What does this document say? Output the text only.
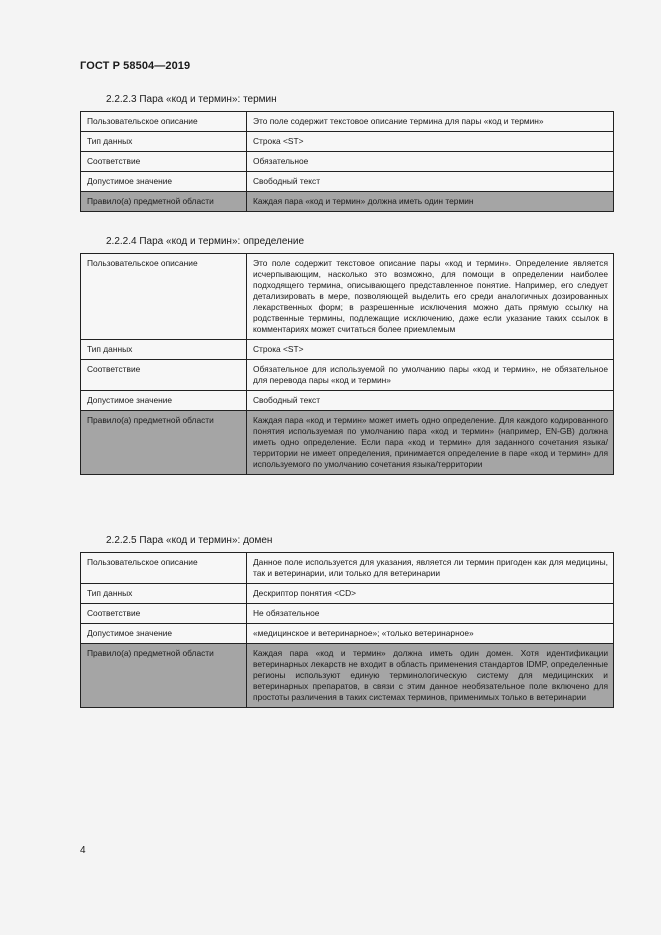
ГОСТ Р 58504—2019
2.2.2.3 Пара «код и термин»: термин
Пользовательское описание	Это поле содержит текстовое описание термина для пары «код и термин»
Тип данных	Строка <ST>
Соответствие	Обязательное
Допустимое значение	Свободный текст
Правило(а) предметной области	Каждая пара «код и термин» должна иметь один термин
2.2.2.4 Пара «код и термин»: определение
Пользовательское описание	Это поле содержит текстовое описание пары «код и термин». Определение является исчерпывающим, насколько это возможно, для помощи в определении наиболее подходящего термина, описывающего представленное понятие. Например, его следует детализировать в мере, позволяющей выделить его среди аналогичных дозированных лекарственных форм; в разрешенные исключения можно дать прямую ссылку на родственные термины, подлежащие исключению, даже если указание таких ссылок в комментариях может считаться более приемлемым
Тип данных	Строка <ST>
Соответствие	Обязательное для используемой по умолчанию пары «код и термин», не обязательное для перевода пары «код и термин»
Допустимое значение	Свободный текст
Правило(а) предметной области	Каждая пара «код и термин» может иметь одно определение. Для каждого кодированного понятия используемая по умолчанию пара «код и термин» (например, EN-GB) должна иметь одно определение. Если пара «код и термин» для заданного сочетания языка/территории не имеет определения, принимается определение в паре «код и термин» для используемого по умолчанию сочетания языка/территории
2.2.2.5 Пара «код и термин»: домен
Пользовательское описание	Данное поле используется для указания, является ли термин пригоден как для медицины, так и ветеринарии, или только для ветеринарии
Тип данных	Дескриптор понятия <CD>
Соответствие	Не обязательное
Допустимое значение	«медицинское и ветеринарное»; «только ветеринарное»
Правило(а) предметной области	Каждая пара «код и термин» должна иметь один домен. Хотя идентификации ветеринарных лекарств не входит в область применения стандартов IDMP, определенные регионы используют единую терминологическую систему для медицинских и ветеринарных препаратов, в связи с этим данное необязательное поле включено для простоты различения в таких системах терминов, применимых только в ветеринарии
4
